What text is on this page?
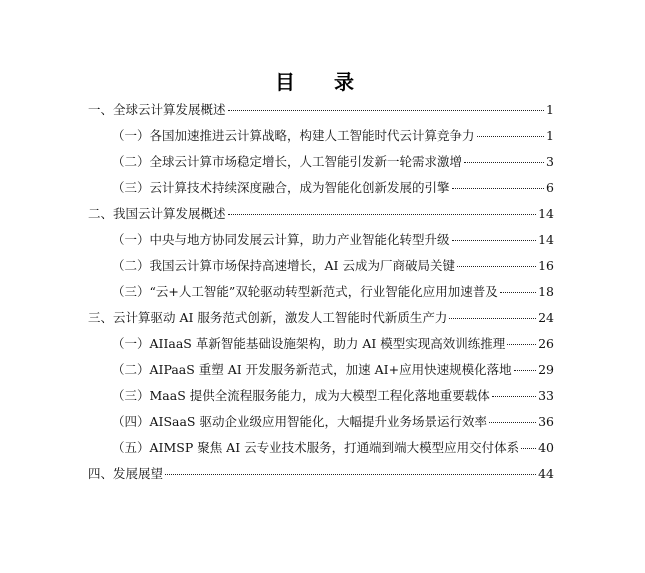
目 录
一、全球云计算发展概述	1
（一）各国加速推进云计算战略，构建人工智能时代云计算竞争力	1
（二）全球云计算市场稳定增长，人工智能引发新一轮需求激增	3
（三）云计算技术持续深度融合，成为智能化创新发展的引擎	6
二、我国云计算发展概述	14
（一）中央与地方协同发展云计算，助力产业智能化转型升级	14
（二）我国云计算市场保持高速增长，AI 云成为厂商破局关键	16
（三）“云+人工智能”双轮驱动转型新范式，行业智能化应用加速普及	18
三、云计算驱动 AI 服务范式创新，激发人工智能时代新质生产力	24
（一）AIIaaS 革新智能基础设施架构，助力 AI 模型实现高效训练推理	26
（二）AIPaaS 重塑 AI 开发服务新范式，加速 AI+应用快速规模化落地 29
（三）MaaS 提供全流程服务能力，成为大模型工程化落地重要载体	33
（四）AISaaS 驱动企业级应用智能化，大幅提升业务场景运行效率	36
（五）AIMSP 聚焦 AI 云专业技术服务，打通端到端大模型应用交付体系 40
四、发展展望	44
